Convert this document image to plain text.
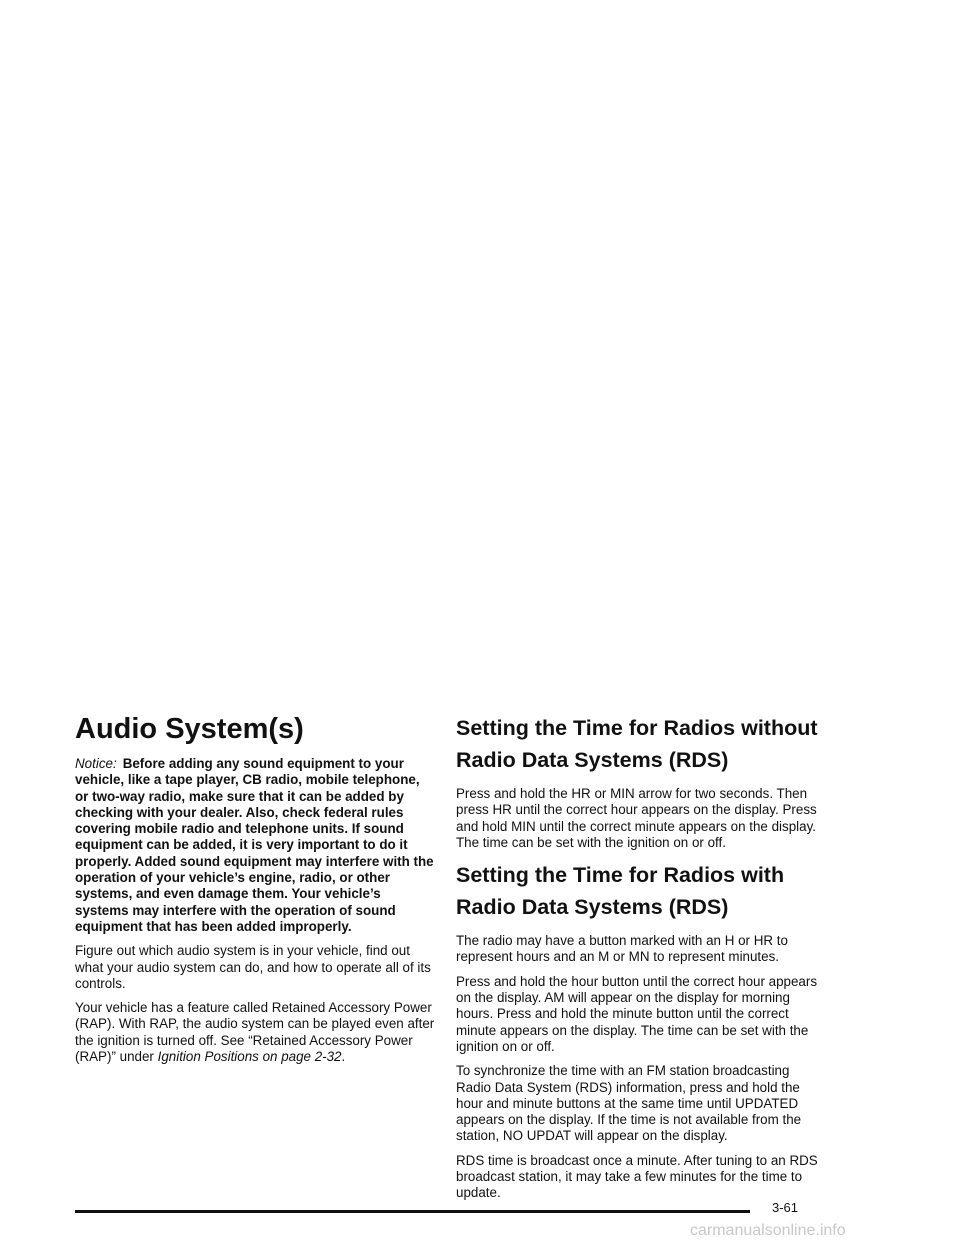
Audio System(s)

Notice: Before adding any sound equipment to your vehicle, like a tape player, CB radio, mobile telephone, or two-way radio, make sure that it can be added by checking with your dealer. Also, check federal rules covering mobile radio and telephone units. If sound equipment can be added, it is very important to do it properly. Added sound equipment may interfere with the operation of your vehicle’s engine, radio, or other systems, and even damage them. Your vehicle’s systems may interfere with the operation of sound equipment that has been added improperly.

Figure out which audio system is in your vehicle, find out what your audio system can do, and how to operate all of its controls.

Your vehicle has a feature called Retained Accessory Power (RAP). With RAP, the audio system can be played even after the ignition is turned off. See “Retained Accessory Power (RAP)” under Ignition Positions on page 2-32.

Setting the Time for Radios without Radio Data Systems (RDS)

Press and hold the HR or MIN arrow for two seconds. Then press HR until the correct hour appears on the display. Press and hold MIN until the correct minute appears on the display. The time can be set with the ignition on or off.

Setting the Time for Radios with Radio Data Systems (RDS)

The radio may have a button marked with an H or HR to represent hours and an M or MN to represent minutes.

Press and hold the hour button until the correct hour appears on the display. AM will appear on the display for morning hours. Press and hold the minute button until the correct minute appears on the display. The time can be set with the ignition on or off.

To synchronize the time with an FM station broadcasting Radio Data System (RDS) information, press and hold the hour and minute buttons at the same time until UPDATED appears on the display. If the time is not available from the station, NO UPDAT will appear on the display.

RDS time is broadcast once a minute. After tuning to an RDS broadcast station, it may take a few minutes for the time to update.

3-61
carmanualsonline.info
